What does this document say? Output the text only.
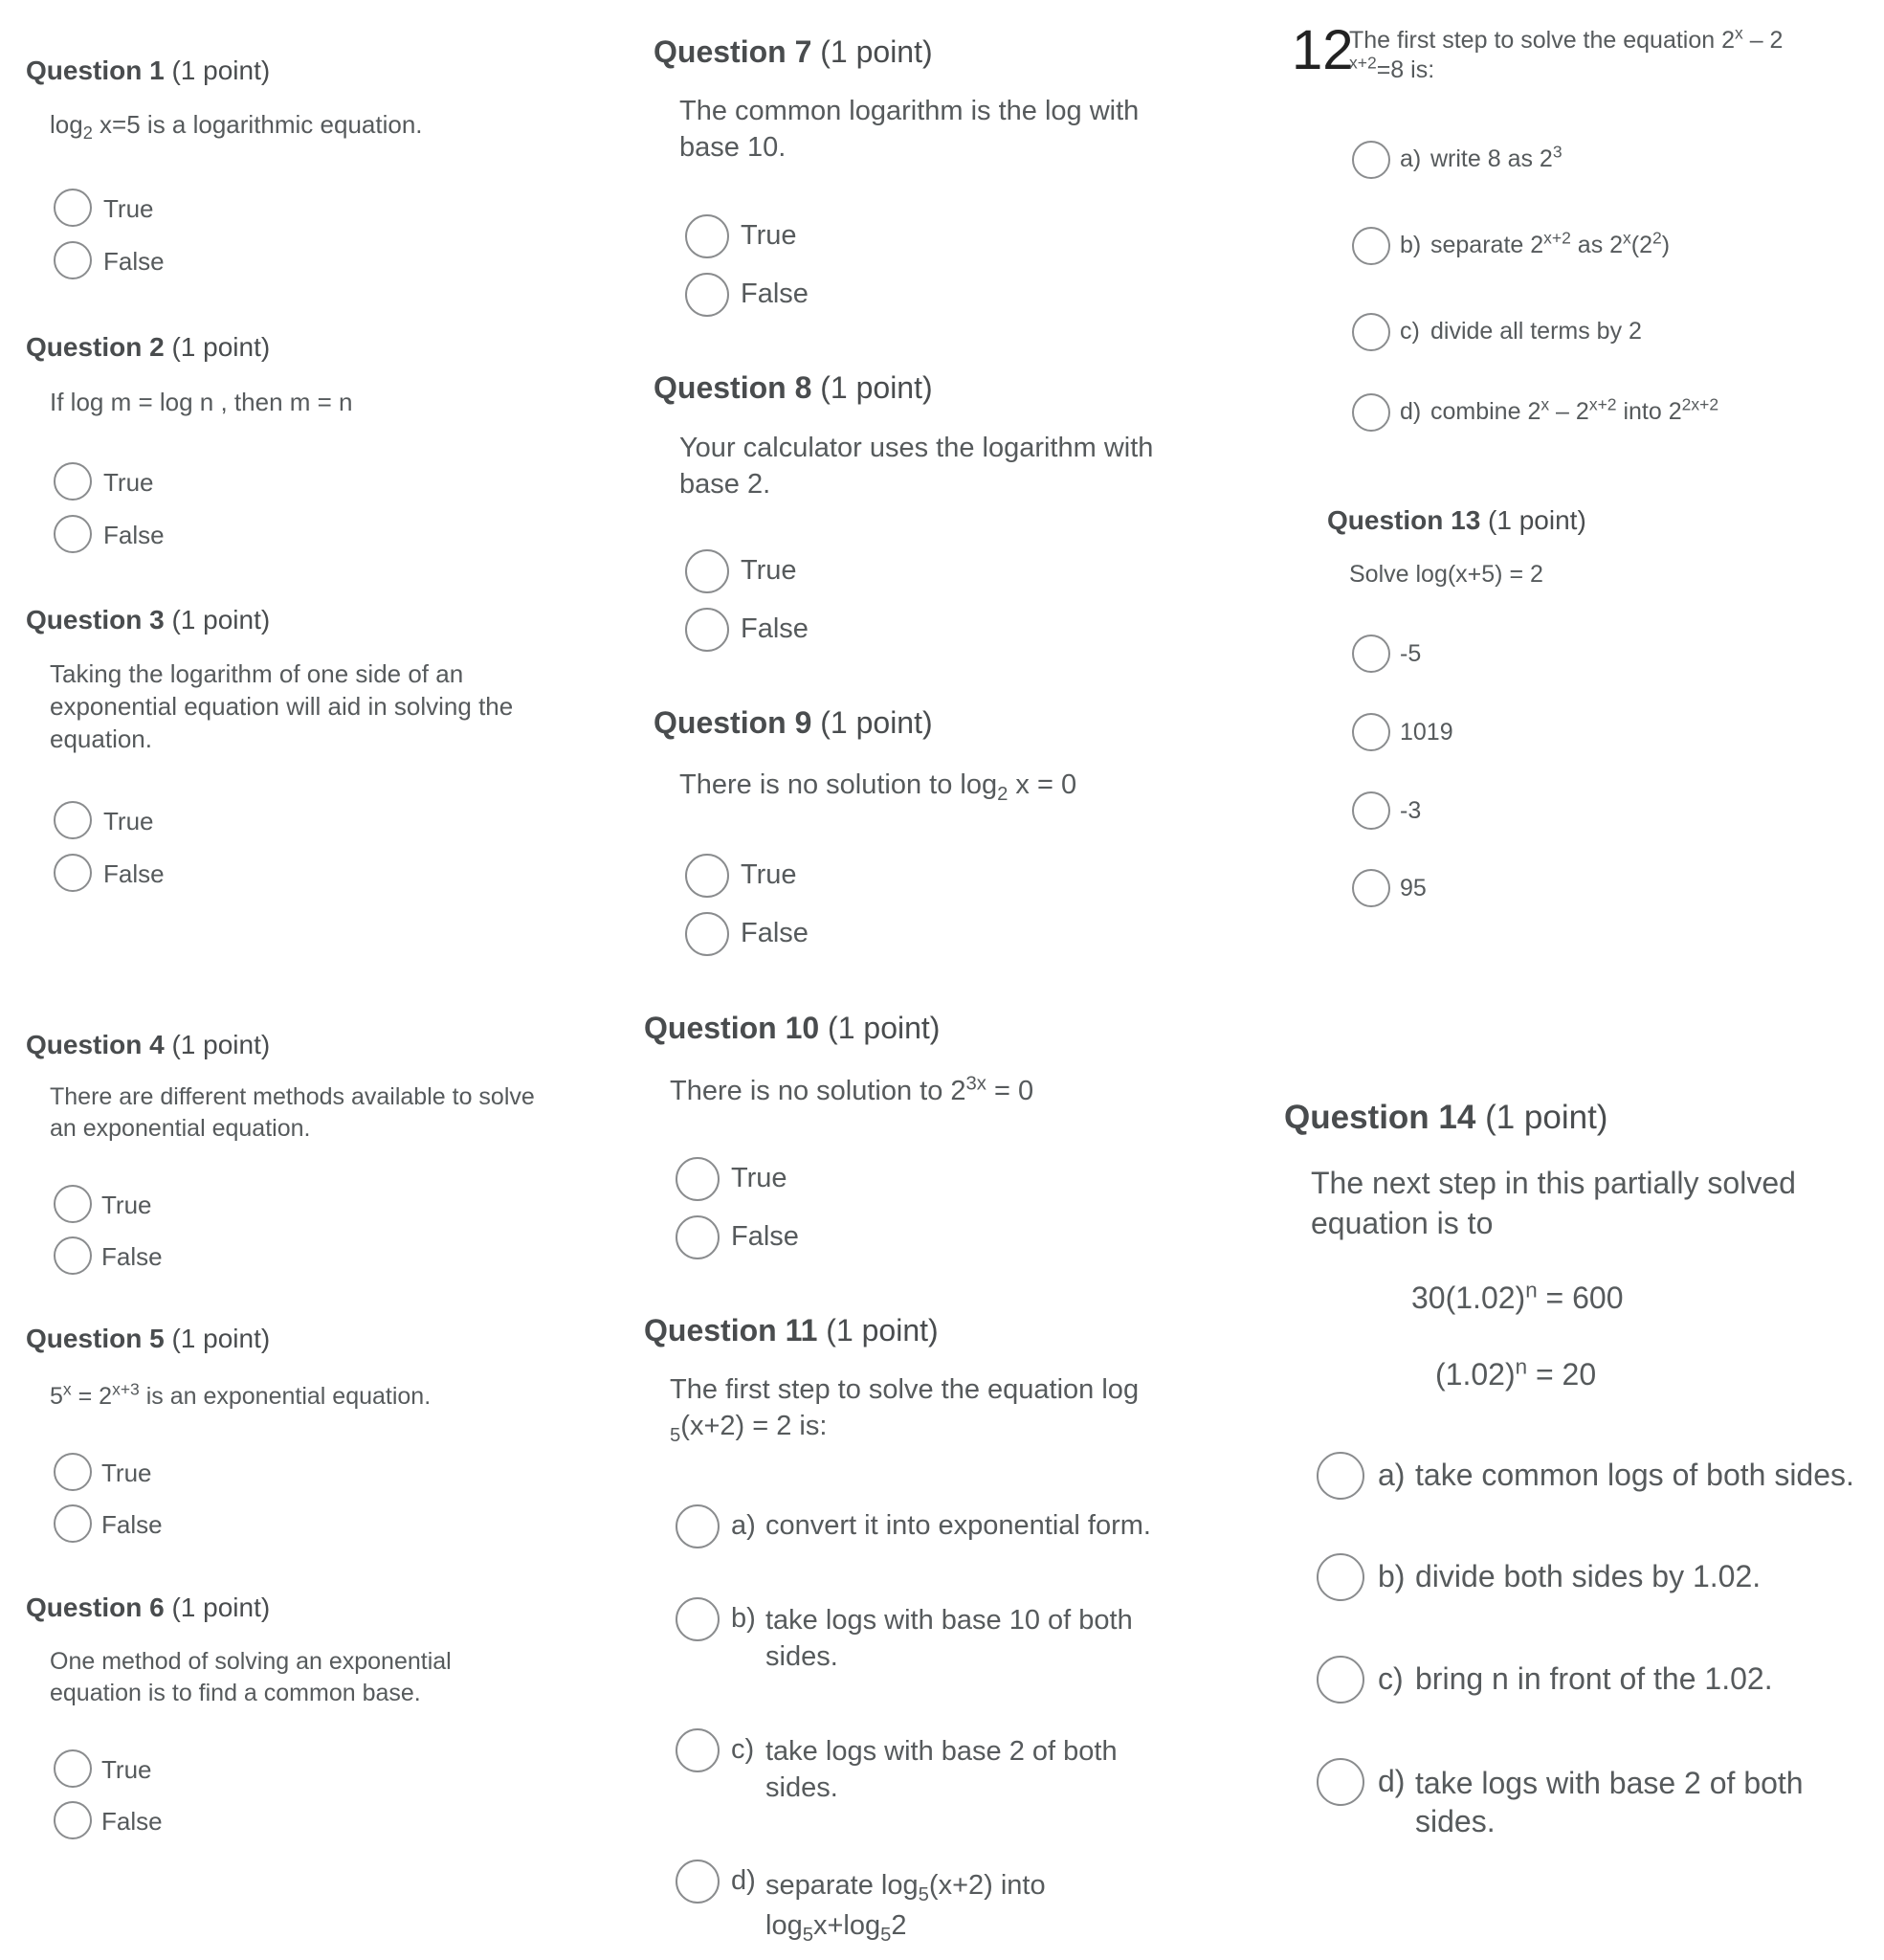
Question 1 (1 point)
$\log_2 x=5$ is a logarithmic equation.
True
False
Question 2 (1 point)
If log m = log n , then m = n
True
False
Question 3 (1 point)
Taking the logarithm of one side of an exponential equation will aid in solving the equation.
True
False
Question 4 (1 point)
There are different methods available to solve an exponential equation.
True
False
Question 5 (1 point)
$5^x = 2^{x+3}$ is an exponential equation.
True
False
Question 6 (1 point)
One method of solving an exponential equation is to find a common base.
True
False
Question 7 (1 point)
The common logarithm is the log with base 10.
True
False
Question 8 (1 point)
Your calculator uses the logarithm with base 2.
True
False
Question 9 (1 point)
There is no solution to $\log_2 x = 0$
True
False
Question 10 (1 point)
There is no solution to $2^{3x} = 0$
True
False
Question 11 (1 point)
The first step to solve the equation log
$_5$(x+2) = 2 is:
a) convert it into exponential form.
b) take logs with base 10 of both sides.
c) take logs with base 2 of both sides.
d) separate $\log_5(x+2)$ into
$\log_5x+\log_52$
12
The first step to solve the equation 2$^x$ – 2
$^{x+2}$=8 is:
a) write 8 as $2^3$
b) separate $2^{x+2}$ as $2^x(2^2)$
c) divide all terms by 2
d) combine $2^x - 2^{x+2}$ into $2^{2x+2}$
Question 13 (1 point)
Solve log(x+5) = 2
-5
1019
-3
95
Question 14 (1 point)
The next step in this partially solved equation is to
$30(1.02)^n = 600$
$(1.02)^n = 20$
a) take common logs of both sides.
b) divide both sides by 1.02.
c) bring n in front of the 1.02.
d) take logs with base 2 of both sides.
